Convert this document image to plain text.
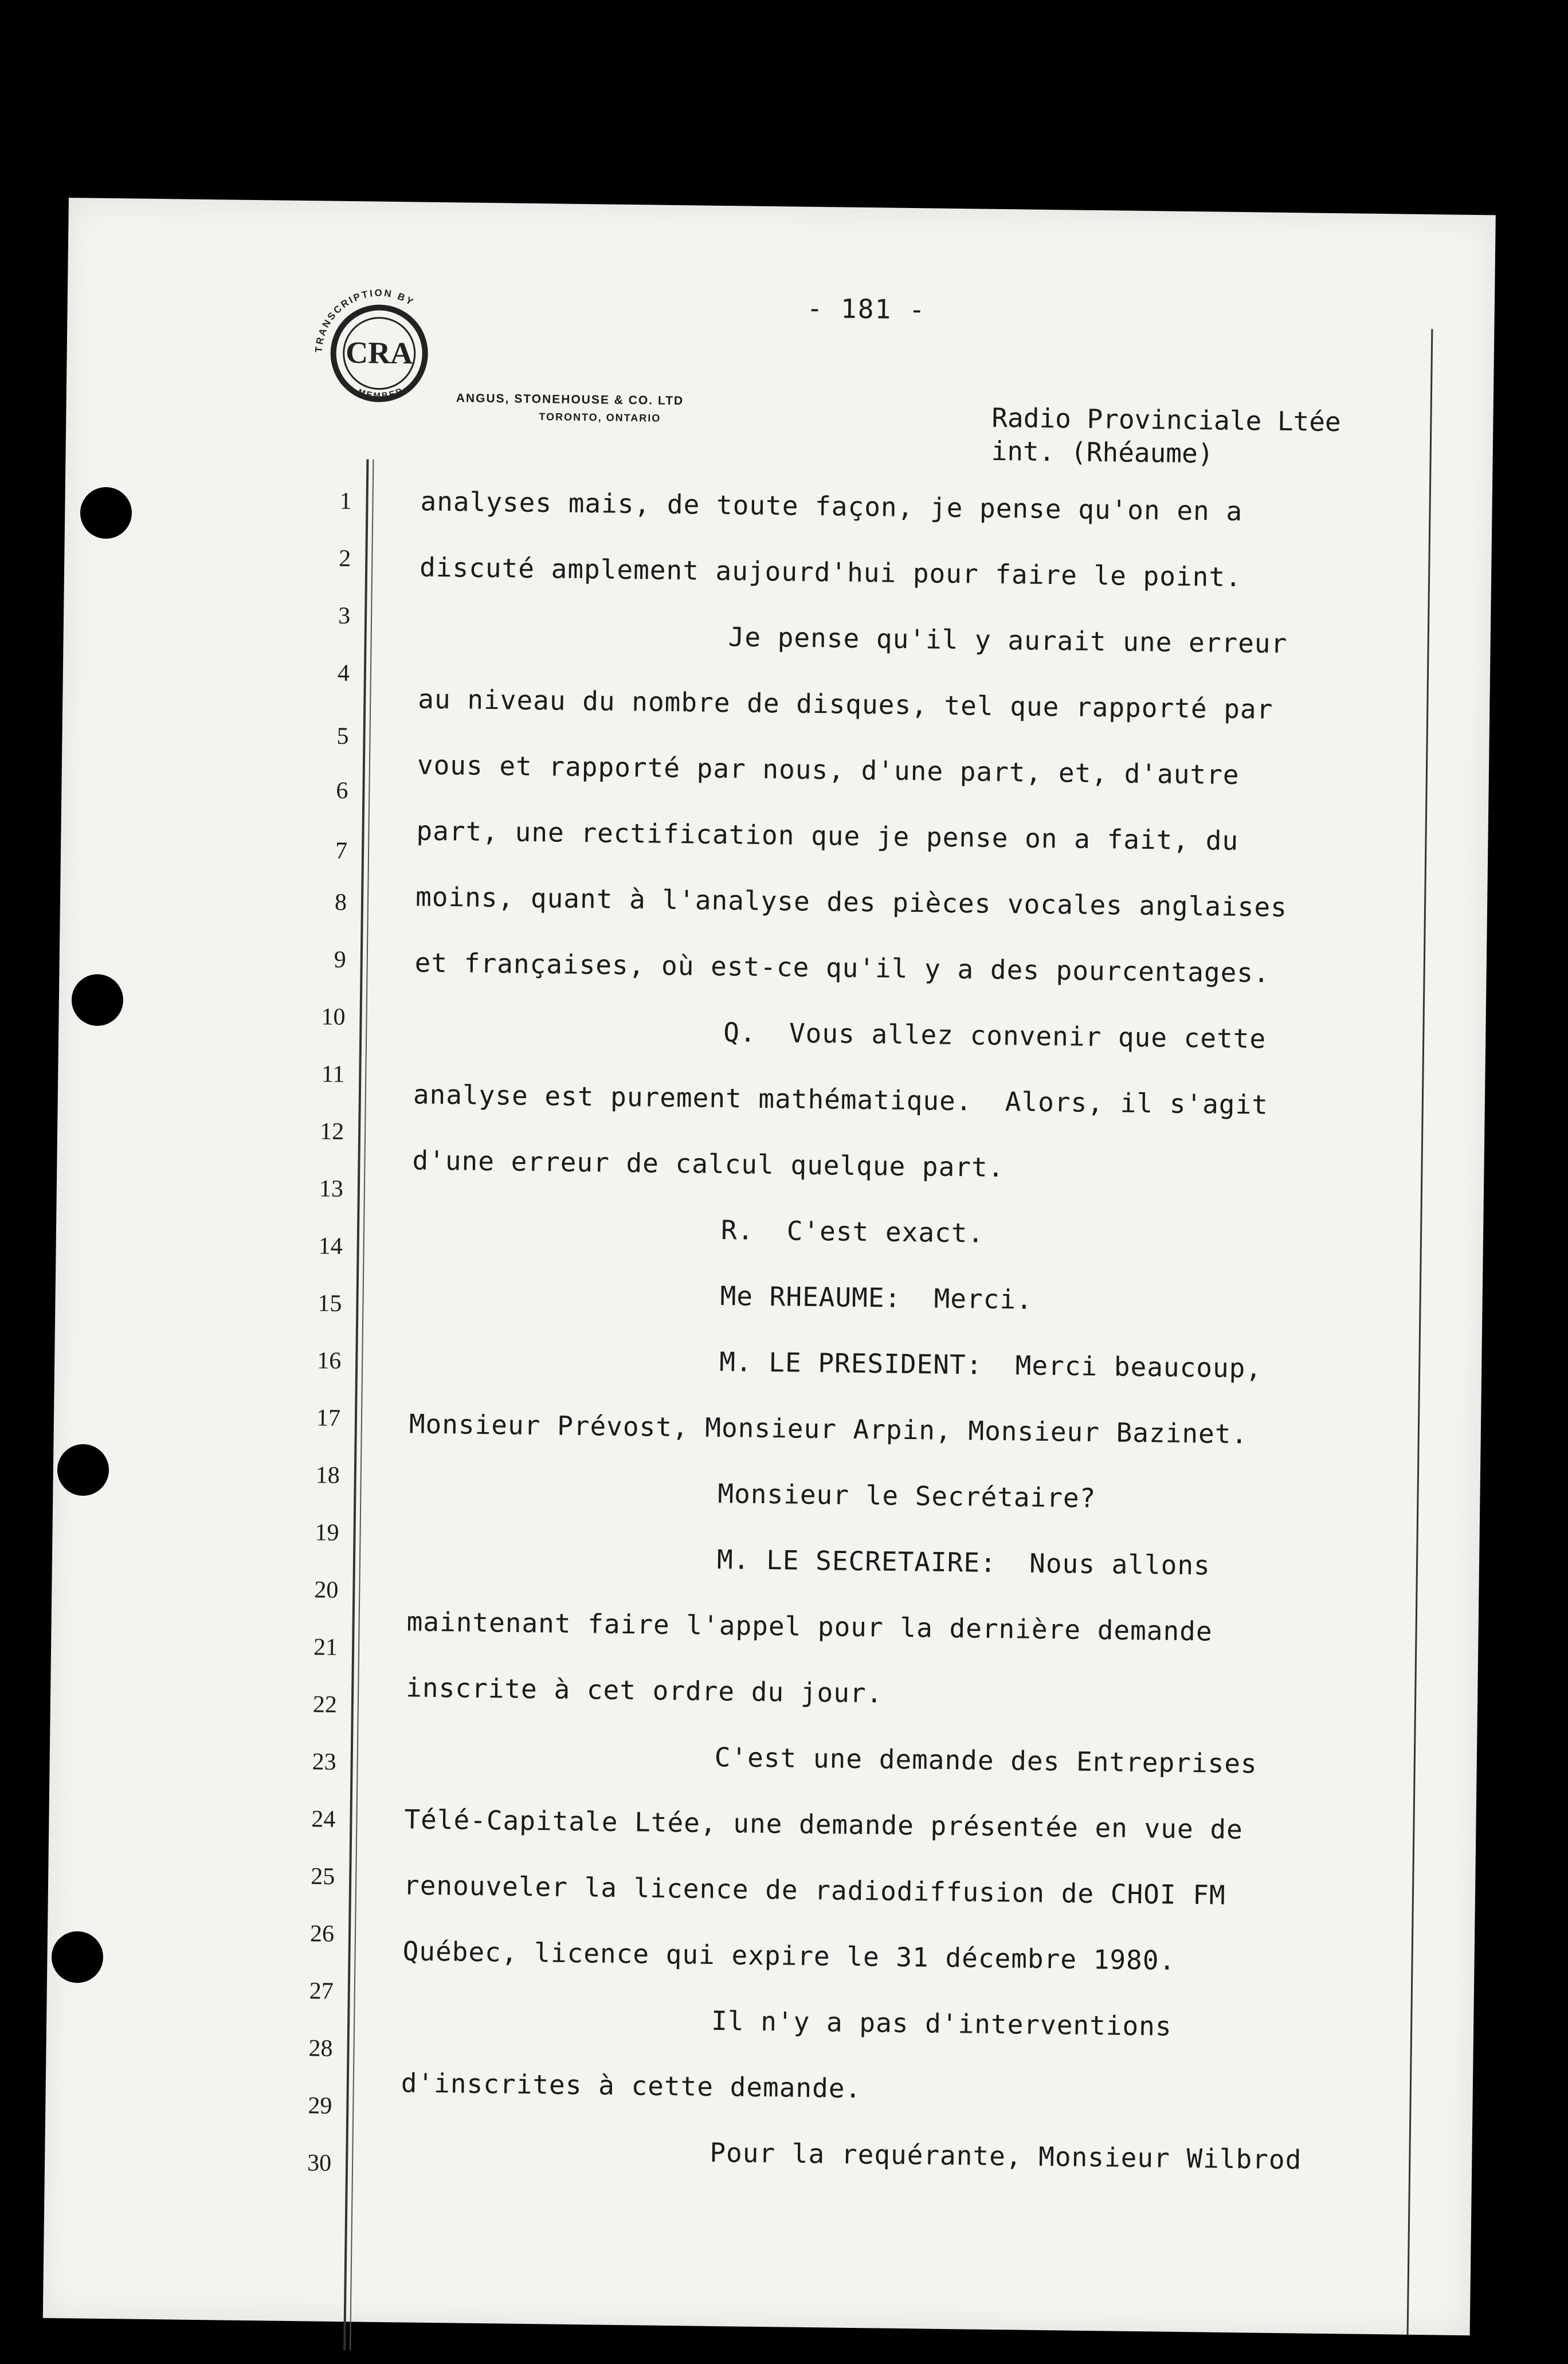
- 181 -
TRANSCRIPTION BY
MEMBER
CRA
ANGUS, STONEHOUSE & CO. LTD
TORONTO, ONTARIO	Radio Provinciale Ltée
int. (Rhéaume)
1
2
3
4
5
6
7
8
9
10
11
12
13
14
15
16
17
18
19
20
21
22
23
24
25
26
27
28
29
30
analyses mais, de toute façon, je pense qu'on en a
discuté amplement aujourd'hui pour faire le point.
Je pense qu'il y aurait une erreur
au niveau du nombre de disques, tel que rapporté par
vous et rapporté par nous, d'une part, et, d'autre
part, une rectification que je pense on a fait, du
moins, quant à l'analyse des pièces vocales anglaises
et françaises, où est-ce qu'il y a des pourcentages.
Q.  Vous allez convenir que cette
analyse est purement mathématique.  Alors, il s'agit
d'une erreur de calcul quelque part.
R.  C'est exact.
Me RHEAUME:  Merci.
M. LE PRESIDENT:  Merci beaucoup,
Monsieur Prévost, Monsieur Arpin, Monsieur Bazinet.
Monsieur le Secrétaire?
M. LE SECRETAIRE:  Nous allons
maintenant faire l'appel pour la dernière demande
inscrite à cet ordre du jour.
C'est une demande des Entreprises
Télé-Capitale Ltée, une demande présentée en vue de
renouveler la licence de radiodiffusion de CHOI FM
Québec, licence qui expire le 31 décembre 1980.
Il n'y a pas d'interventions
d'inscrites à cette demande.
Pour la requérante, Monsieur Wilbrod
